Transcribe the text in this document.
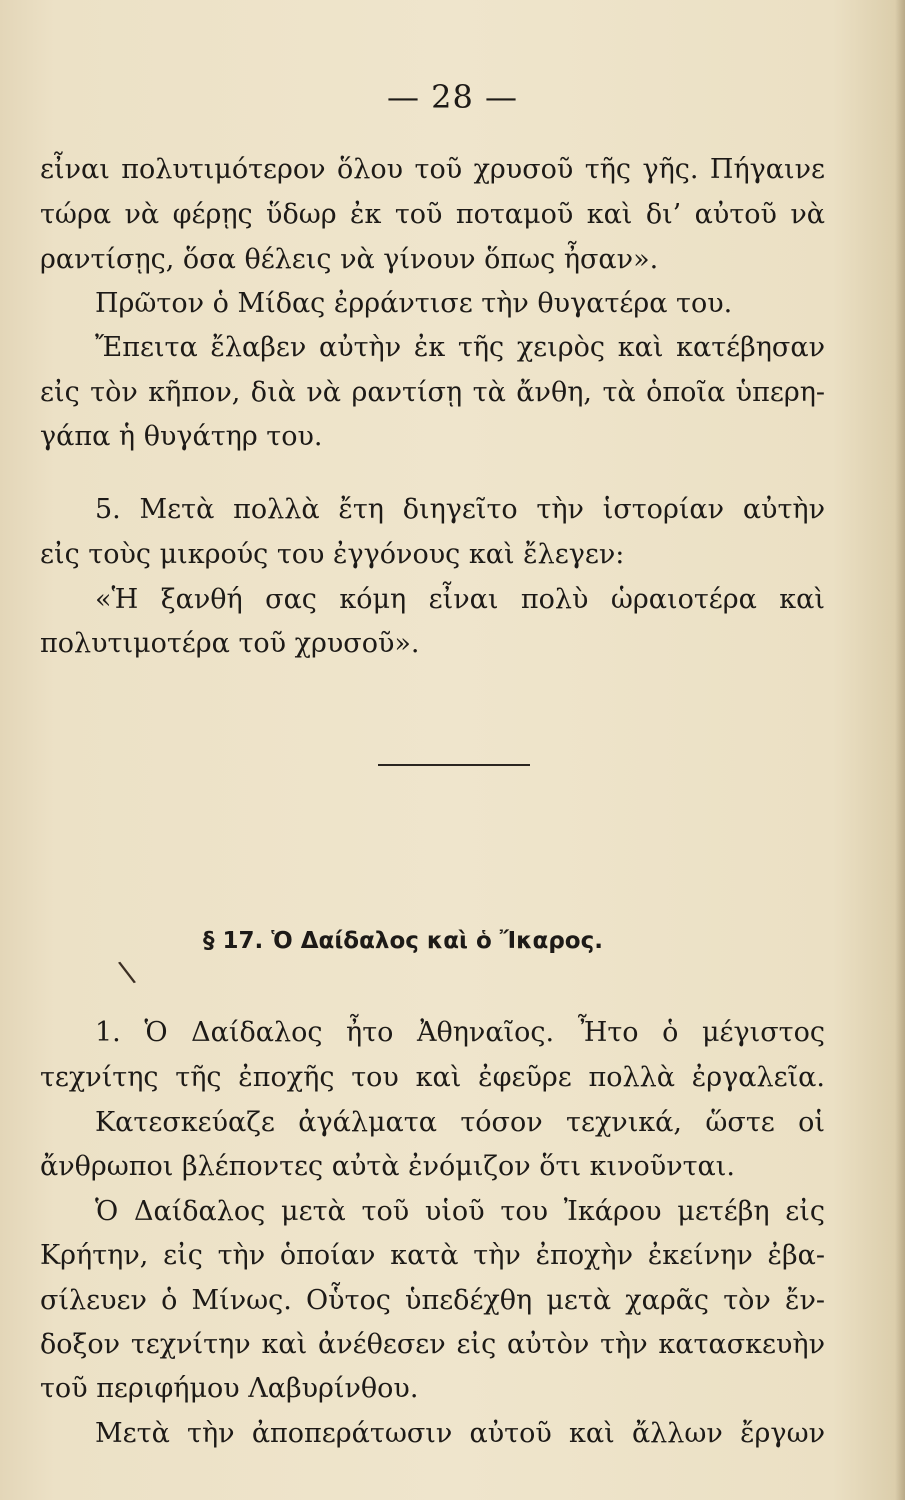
— 28 —
εἶναι πολυτιμότερον ὅλου τοῦ χρυσοῦ τῆς γῆς. Πήγαινε
τώρα νὰ φέρῃς ὕδωρ ἐκ τοῦ ποταμοῦ καὶ δι’ αὐτοῦ νὰ
ραντίσῃς, ὅσα θέλεις νὰ γίνουν ὅπως ἦσαν».
Πρῶτον ὁ Μίδας ἐρράντισε τὴν θυγατέρα του.
Ἔπειτα ἔλαβεν αὐτὴν ἐκ τῆς χειρὸς καὶ κατέβησαν
εἰς τὸν κῆπον, διὰ νὰ ραντίσῃ τὰ ἄνθη, τὰ ὁποῖα ὑπερη-
γάπα ἡ θυγάτηρ του.
5. Μετὰ πολλὰ ἔτη διηγεῖτο τὴν ἱστορίαν αὐτὴν
εἰς τοὺς μικρούς του ἐγγόνους καὶ ἔλεγεν:
«Ἡ ξανθή σας κόμη εἶναι πολὺ ὡραιοτέρα καὶ
πολυτιμοτέρα τοῦ χρυσοῦ».
\
§ 17. Ὁ Δαίδαλος καὶ ὁ Ἴκαρος.
1. Ὁ Δαίδαλος ἦτο Ἀθηναῖος. Ἦτο ὁ μέγιστος
τεχνίτης τῆς ἐποχῆς του καὶ ἐφεῦρε πολλὰ ἐργαλεῖα.
Κατεσκεύαζε ἀγάλματα τόσον τεχνικά, ὥστε οἱ
ἄνθρωποι βλέποντες αὐτὰ ἐνόμιζον ὅτι κινοῦνται.
Ὁ Δαίδαλος μετὰ τοῦ υἱοῦ του Ἰκάρου μετέβη εἰς
Κρήτην, εἰς τὴν ὁποίαν κατὰ τὴν ἐποχὴν ἐκείνην ἐβα-
σίλευεν ὁ Μίνως. Οὗτος ὑπεδέχθη μετὰ χαρᾶς τὸν ἔν-
δοξον τεχνίτην καὶ ἀνέθεσεν εἰς αὐτὸν τὴν κατασκευὴν
τοῦ περιφήμου Λαβυρίνθου.
Μετὰ τὴν ἀποπεράτωσιν αὐτοῦ καὶ ἄλλων ἔργων
